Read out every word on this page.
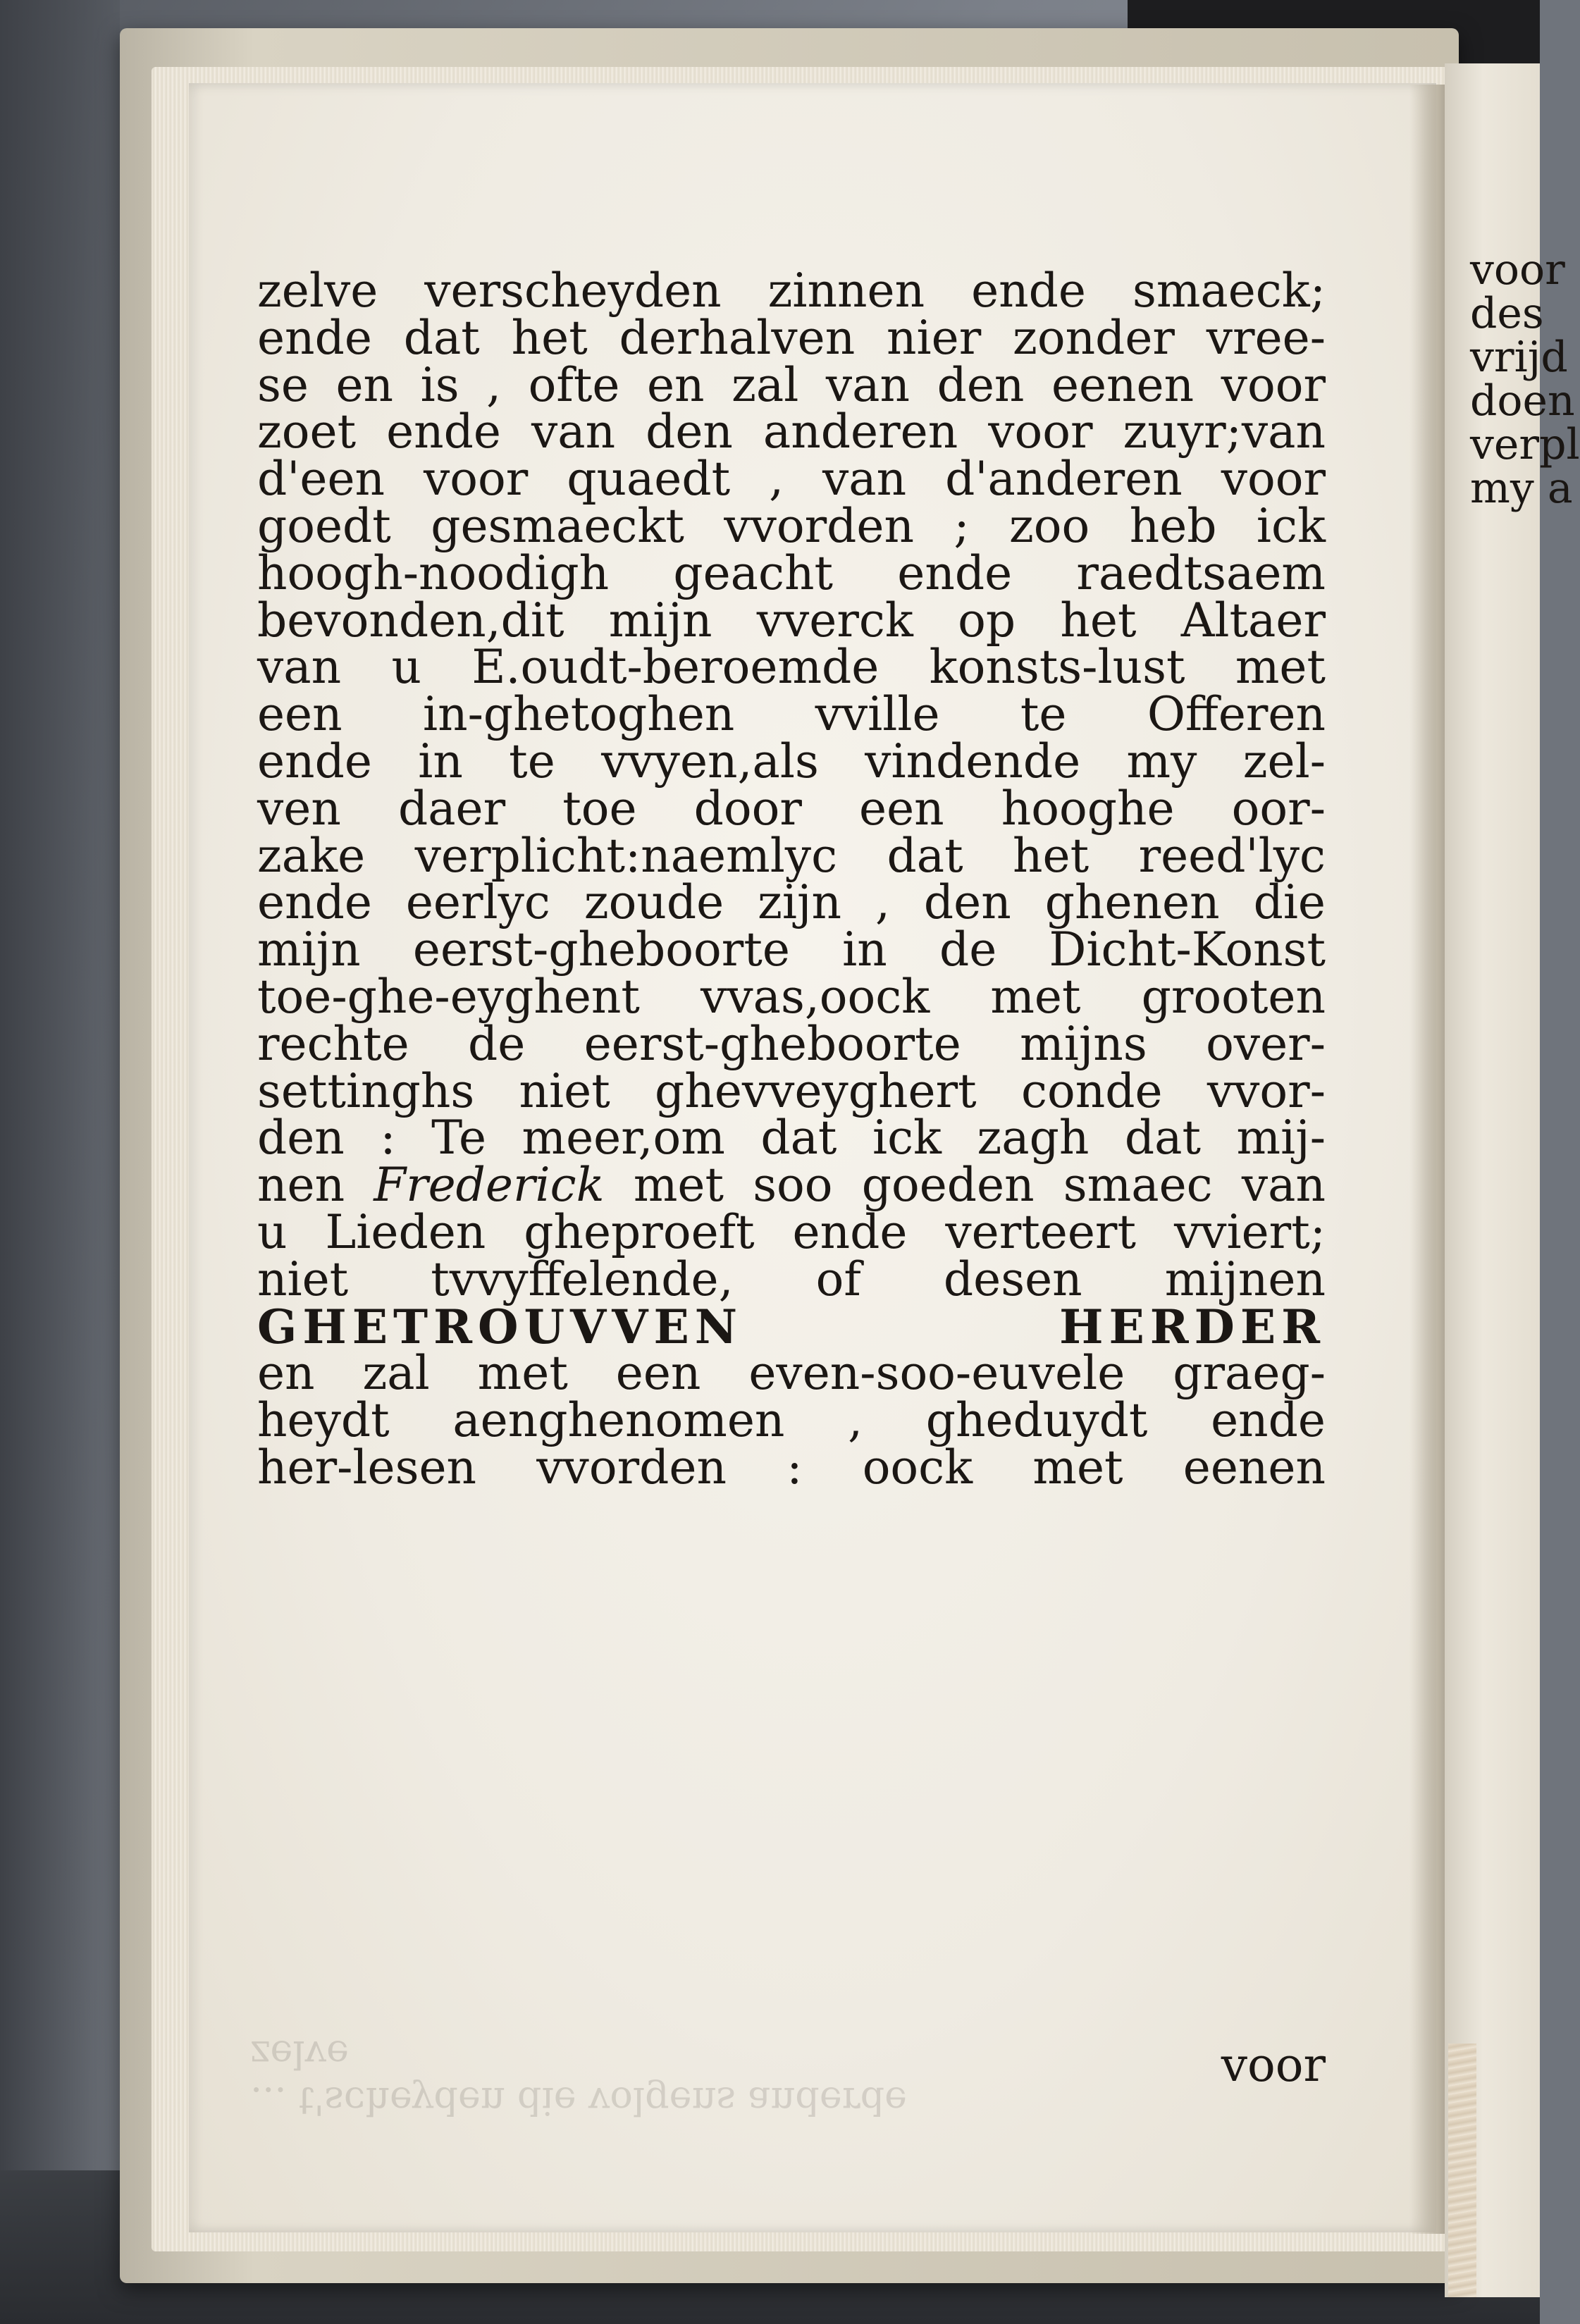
voor
des
vrijd
doen
verpl
my a
... t'scheyden die volgens anderde
zelve
zelve verscheyden zinnen ende smaeck;
ende dat het derhalven nier zonder vree-
se en is , ofte en zal van den eenen voor
zoet ende van den anderen voor zuyr;van
d'een voor quaedt , van d'anderen voor
goedt gesmaeckt vvorden ; zoo heb ick
hoogh-noodigh geacht ende raedtsaem
bevonden,dit mijn vverck op het Altaer
van u E.oudt-beroemde konsts-lust met
een in-ghetoghen vville te Offeren
ende in te vvyen,als vindende my zel-
ven daer toe door een hooghe oor-
zake verplicht:naemlyc dat het reed'lyc
ende eerlyc zoude zijn , den ghenen die
mijn eerst-gheboorte in de Dicht-Konst
toe-ghe-eyghent vvas,oock met grooten
rechte de eerst-gheboorte mijns over-
settinghs niet ghevveyghert conde vvor-
den : Te meer,om dat ick zagh dat mij-
nen Frederick met soo goeden smaec van
u Lieden gheproeft ende verteert vviert;
niet tvvyffelende, of desen mijnen
GHETROUVVEN HERDER
en zal met een even-soo-euvele graeg-
heydt aenghenomen , gheduydt ende
her-lesen vvorden : oock met eenen

voor
